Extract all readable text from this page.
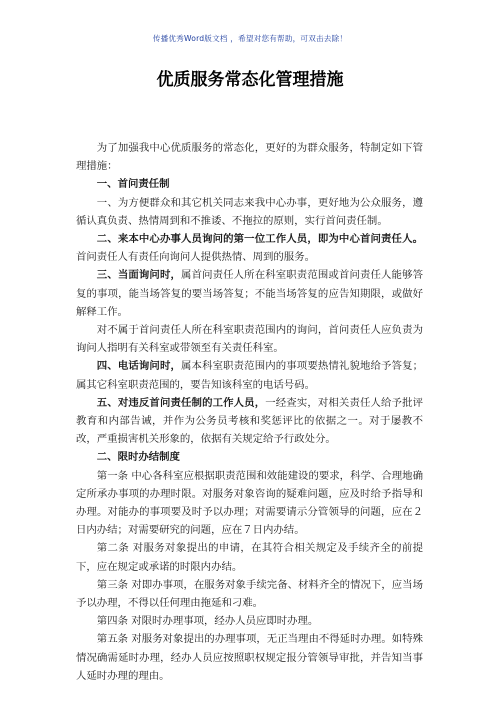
传播优秀Word版文档 ，希望对您有帮助，可双击去除！
优质服务常态化管理措施

为了加强我中心优质服务的常态化，更好的为群众服务，特制定如下管理措施：

一、首问责任制

一、为方便群众和其它机关同志来我中心办事，更好地为公众服务，遵循认真负责、热情周到和不推诿、不拖拉的原则，实行首问责任制。

二、来本中心办事人员询问的第一位工作人员，即为中心首问责任人。首问责任人有责任向询问人提供热情、周到的服务。

三、当面询问时，属首问责任人所在科室职责范围或首问责任人能够答复的事项，能当场答复的要当场答复；不能当场答复的应告知期限，或做好解释工作。

对不属于首问责任人所在科室职责范围内的询问，首问责任人应负责为询问人指明有关科室或带领至有关责任科室。

四、电话询问时，属本科室职责范围内的事项要热情礼貌地给予答复；属其它科室职责范围的，要告知该科室的电话号码。

五、对违反首问责任制的工作人员，一经查实，对相关责任人给予批评教育和内部告诫，并作为公务员考核和奖惩评比的依据之一。对于屡教不改，严重损害机关形象的，依据有关规定给予行政处分。

二、限时办结制度

第一条 中心各科室应根据职责范围和效能建设的要求，科学、合理地确定所承办事项的办理时限。对服务对象咨询的疑难问题，应及时给予指导和办理。对能办的事项要及时予以办理；对需要请示分管领导的问题，应在２日内办结；对需要研究的问题，应在７日内办结。

第二条 对服务对象提出的申请，在其符合相关规定及手续齐全的前提下，应在规定或承诺的时限内办结。

第三条 对即办事项，在服务对象手续完备、材料齐全的情况下，应当场予以办理，不得以任何理由拖延和刁难。

第四条 对限时办理事项，经办人员应即时办理。

第五条 对服务对象提出的办理事项，无正当理由不得延时办理。如特殊情况确需延时办理，经办人员应按照职权规定报分管领导审批，并告知当事人延时办理的理由。
